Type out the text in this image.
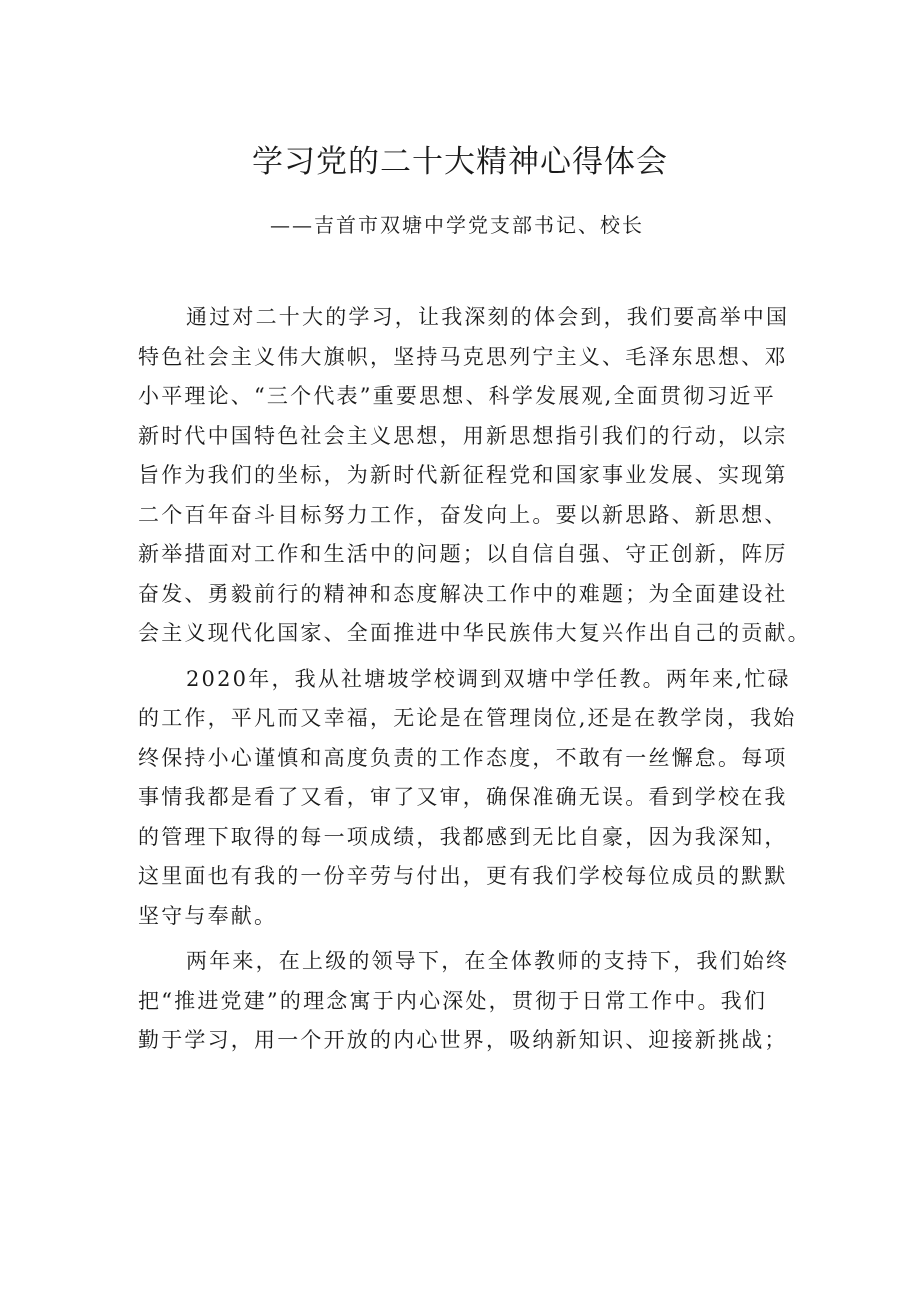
学习党的二十大精神心得体会

——吉首市双塘中学党支部书记、校长

通过对二十大的学习，让我深刻的体会到，我们要高举中国
特色社会主义伟大旗帜，坚持马克思列宁主义、毛泽东思想、邓
小平理论、“三个代表”重要思想、科学发展观,全面贯彻习近平
新时代中国特色社会主义思想，用新思想指引我们的行动，以宗
旨作为我们的坐标，为新时代新征程党和国家事业发展、实现第
二个百年奋斗目标努力工作，奋发向上。要以新思路、新思想、
新举措面对工作和生活中的问题；以自信自强、守正创新，阵厉
奋发、勇毅前行的精神和态度解决工作中的难题；为全面建设社
会主义现代化国家、全面推进中华民族伟大复兴作出自己的贡献。
2020年，我从社塘坡学校调到双塘中学任教。两年来,忙碌
的工作，平凡而又幸福，无论是在管理岗位,还是在教学岗，我始
终保持小心谨慎和高度负责的工作态度，不敢有一丝懈怠。每项
事情我都是看了又看，审了又审，确保准确无误。看到学校在我
的管理下取得的每一项成绩，我都感到无比自豪，因为我深知，
这里面也有我的一份辛劳与付出，更有我们学校每位成员的默默
坚守与奉献。
两年来，在上级的领导下，在全体教师的支持下，我们始终
把“推进党建”的理念寓于内心深处，贯彻于日常工作中。我们
勤于学习，用一个开放的内心世界，吸纳新知识、迎接新挑战；
